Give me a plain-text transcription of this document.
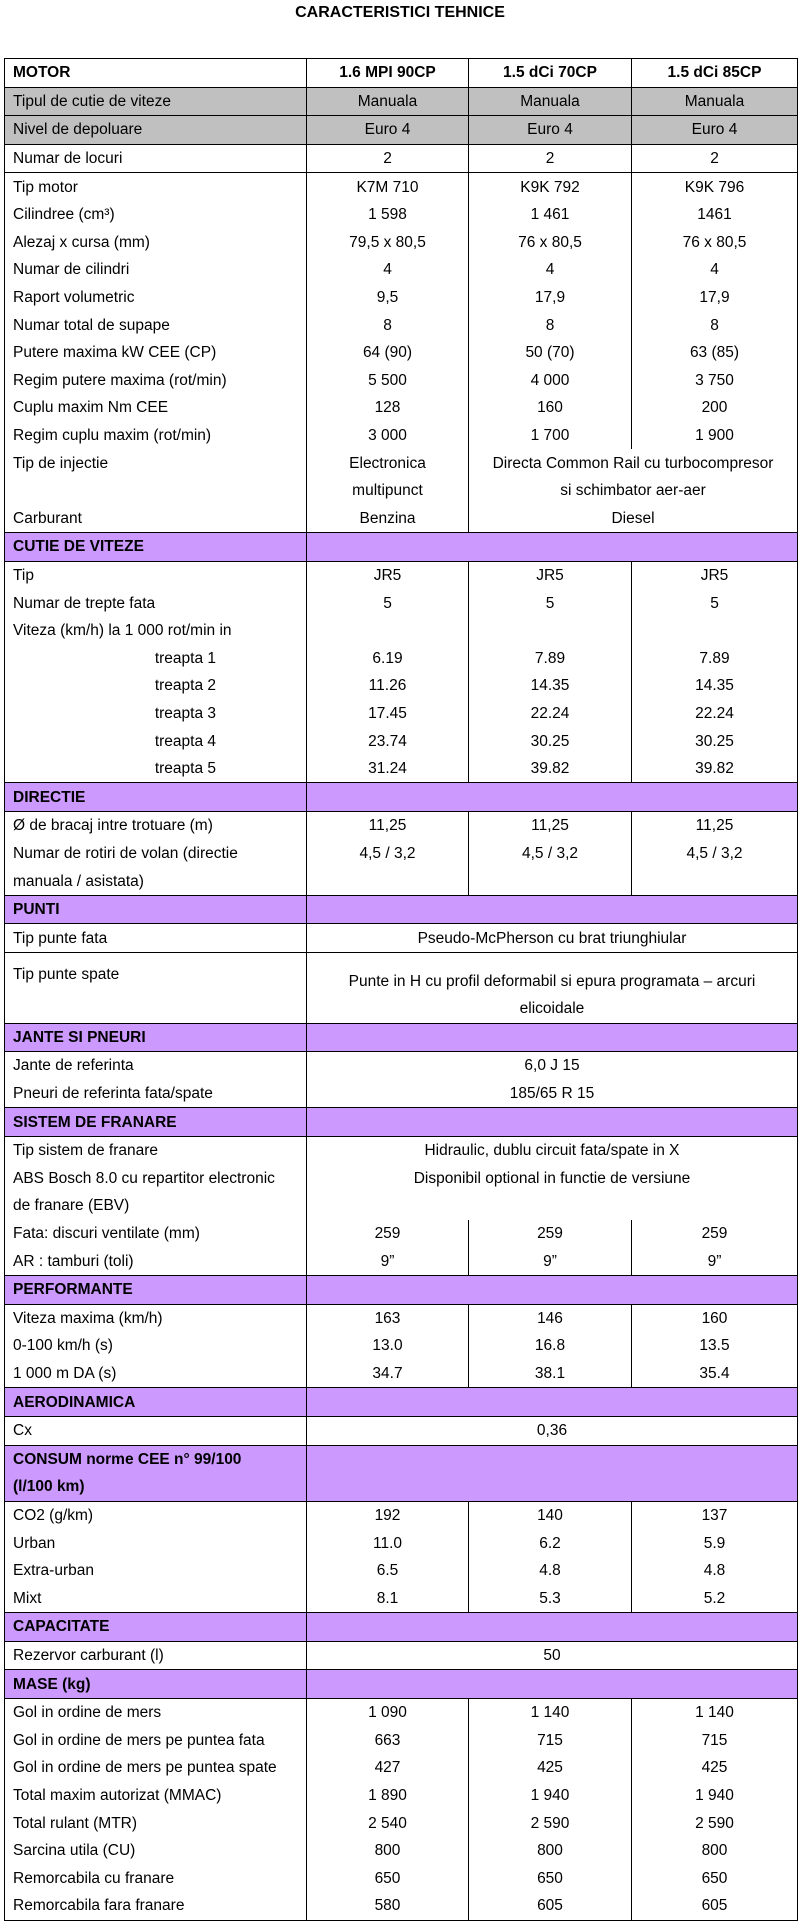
CARACTERISTICI TEHNICE
MOTOR	1.6 MPI 90CP	1.5 dCi 70CP	1.5 dCi 85CP
Tipul de cutie de viteze	Manuala	Manuala	Manuala
Nivel de depoluare	Euro 4	Euro 4	Euro 4
Numar de locuri	2	2	2
Tip motor	K7M 710	K9K 792	K9K 796
Cilindree (cm³)	1 598	1 461	1461
Alezaj x cursa (mm)	79,5 x 80,5	76 x 80,5	76 x 80,5
Numar de cilindri	4	4	4
Raport volumetric	9,5	17,9	17,9
Numar total de supape	8	8	8
Putere maxima kW CEE (CP)	64 (90)	50 (70)	63 (85)
Regim putere maxima (rot/min)	5 500	4 000	3 750
Cuplu maxim Nm CEE	128	160	200
Regim cuplu maxim (rot/min)	3 000	1 700	1 900
Tip de injectie	Electronica	Directa Common Rail cu turbocompresor	
	multipunct	si schimbator aer-aer	
Carburant	Benzina	Diesel	
CUTIE DE VITEZE			
Tip	JR5	JR5	JR5
Numar de trepte fata	5	5	5
Viteza (km/h) la 1 000 rot/min in			
treapta 1	6.19	7.89	7.89
treapta 2	11.26	14.35	14.35
treapta 3	17.45	22.24	22.24
treapta 4	23.74	30.25	30.25
treapta 5	31.24	39.82	39.82
DIRECTIE			
Ø de bracaj intre trotuare (m)	11,25	11,25	11,25
Numar de rotiri de volan (directie	4,5 / 3,2	4,5 / 3,2	4,5 / 3,2
manuala / asistata)			
PUNTI			
Tip punte fata	Pseudo-McPherson cu brat triunghiular		
Tip punte spate	Punte in H cu profil deformabil si epura programata – arcuri		
	elicoidale		
JANTE SI PNEURI			
Jante de referinta	6,0 J 15		
Pneuri de referinta fata/spate	185/65 R 15		
SISTEM DE FRANARE			
Tip sistem de franare	Hidraulic, dublu circuit fata/spate in X		
ABS Bosch 8.0 cu repartitor electronic	Disponibil optional in functie de versiune		
de franare (EBV)			
Fata: discuri ventilate (mm)	259	259	259
AR : tamburi (toli)	9”	9”	9”
PERFORMANTE			
Viteza maxima (km/h)	163	146	160
0-100 km/h (s)	13.0	16.8	13.5
1 000 m DA (s)	34.7	38.1	35.4
AERODINAMICA			
Cx	0,36		
CONSUM norme CEE n° 99/100			
(l/100 km)			
CO2 (g/km)	192	140	137
Urban	11.0	6.2	5.9
Extra-urban	6.5	4.8	4.8
Mixt	8.1	5.3	5.2
CAPACITATE			
Rezervor carburant (l)	50		
MASE (kg)			
Gol in ordine de mers	1 090	1 140	1 140
Gol in ordine de mers pe puntea fata	663	715	715
Gol in ordine de mers pe puntea spate	427	425	425
Total maxim autorizat (MMAC)	1 890	1 940	1 940
Total rulant (MTR)	2 540	2 590	2 590
Sarcina utila (CU)	800	800	800
Remorcabila cu franare	650	650	650
Remorcabila fara franare	580	605	605
